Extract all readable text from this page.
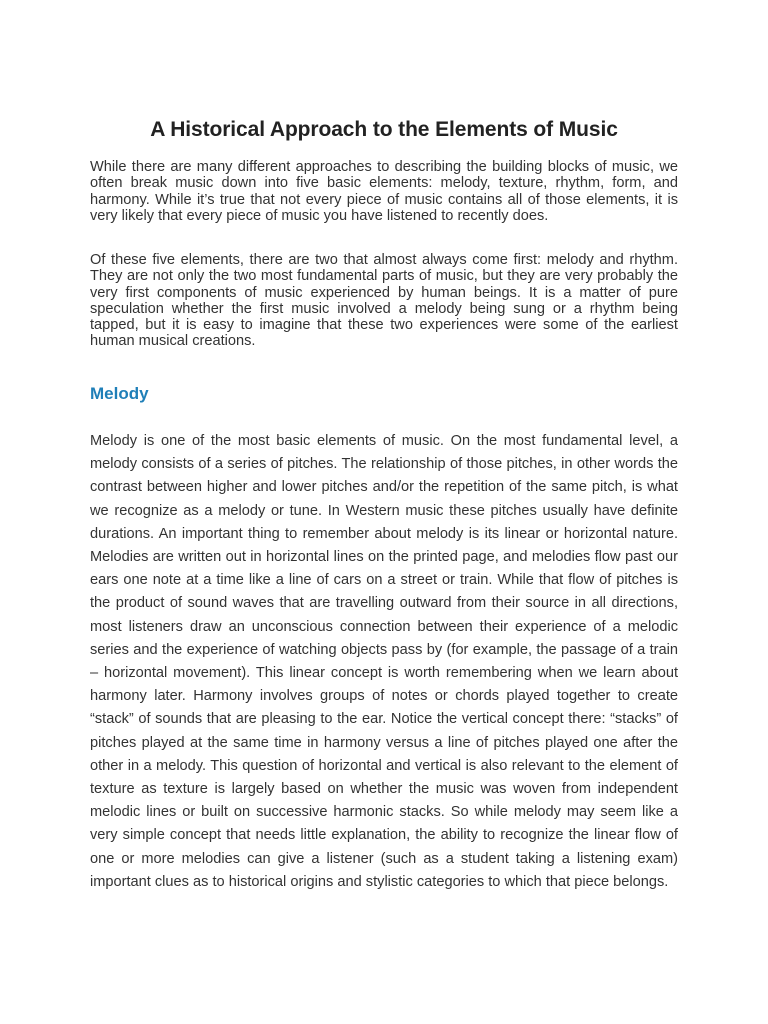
A Historical Approach to the Elements of Music

While there are many different approaches to describing the building blocks of music, we often break music down into five basic elements: melody, texture, rhythm, form, and harmony. While it’s true that not every piece of music contains all of those elements, it is very likely that every piece of music you have listened to recently does.

Of these five elements, there are two that almost always come first: melody and rhythm. They are not only the two most fundamental parts of music, but they are very probably the very first components of music experienced by human beings. It is a matter of pure speculation whether the first music involved a melody being sung or a rhythm being tapped, but it is easy to imagine that these two experiences were some of the earliest human musical creations.

Melody

Melody is one of the most basic elements of music. On the most fundamental level, a melody consists of a series of pitches. The relationship of those pitches, in other words the contrast between higher and lower pitches and/or the repetition of the same pitch, is what we recognize as a melody or tune. In Western music these pitches usually have definite durations. An important thing to remember about melody is its linear or horizontal nature. Melodies are written out in horizontal lines on the printed page, and melodies flow past our ears one note at a time like a line of cars on a street or train. While that flow of pitches is the product of sound waves that are travelling outward from their source in all directions, most listeners draw an unconscious connection between their experience of a melodic series and the experience of watching objects pass by (for example, the passage of a train – horizontal movement). This linear concept is worth remembering when we learn about harmony later. Harmony involves groups of notes or chords played together to create “stack” of sounds that are pleasing to the ear. Notice the vertical concept there: “stacks” of pitches played at the same time in harmony versus a line of pitches played one after the other in a melody. This question of horizontal and vertical is also relevant to the element of texture as texture is largely based on whether the music was woven from independent melodic lines or built on successive harmonic stacks. So while melody may seem like a very simple concept that needs little explanation, the ability to recognize the linear flow of one or more melodies can give a listener (such as a student taking a listening exam) important clues as to historical origins and stylistic categories to which that piece belongs.
